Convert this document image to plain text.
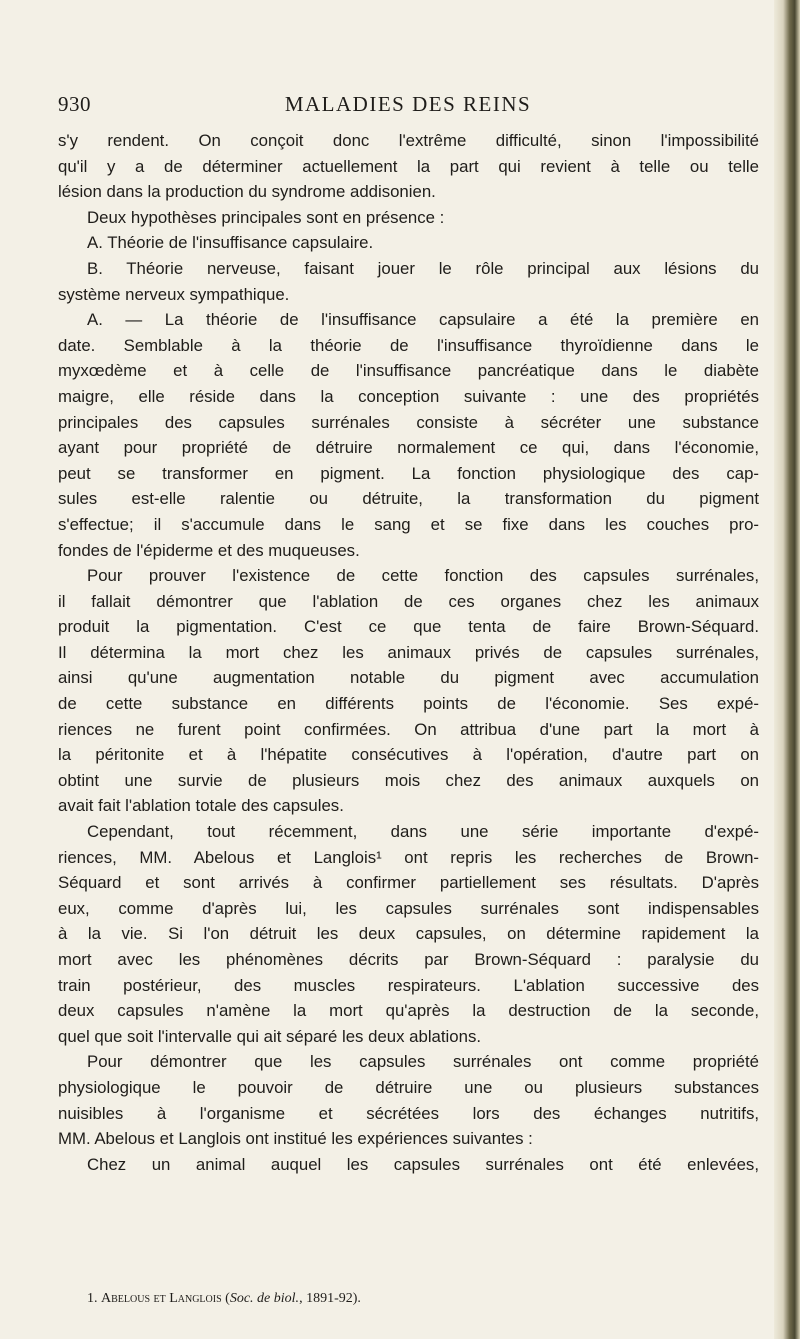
930	MALADIES DES REINS
s'y rendent. On conçoit donc l'extrême difficulté, sinon l'impossibilité
qu'il y a de déterminer actuellement la part qui revient à telle ou telle
lésion dans la production du syndrome addisonien.
Deux hypothèses principales sont en présence :
A. Théorie de l'insuffisance capsulaire.
B. Théorie nerveuse, faisant jouer le rôle principal aux lésions du
système nerveux sympathique.
A. — La théorie de l'insuffisance capsulaire a été la première en
date. Semblable à la théorie de l'insuffisance thyroïdienne dans le
myxœdème et à celle de l'insuffisance pancréatique dans le diabète
maigre, elle réside dans la conception suivante : une des propriétés
principales des capsules surrénales consiste à sécréter une substance
ayant pour propriété de détruire normalement ce qui, dans l'économie,
peut se transformer en pigment. La fonction physiologique des cap-
sules est-elle ralentie ou détruite, la transformation du pigment
s'effectue; il s'accumule dans le sang et se fixe dans les couches pro-
fondes de l'épiderme et des muqueuses.
Pour prouver l'existence de cette fonction des capsules surrénales,
il fallait démontrer que l'ablation de ces organes chez les animaux
produit la pigmentation. C'est ce que tenta de faire Brown-Séquard.
Il détermina la mort chez les animaux privés de capsules surrénales,
ainsi qu'une augmentation notable du pigment avec accumulation
de cette substance en différents points de l'économie. Ses expé-
riences ne furent point confirmées. On attribua d'une part la mort à
la péritonite et à l'hépatite consécutives à l'opération, d'autre part on
obtint une survie de plusieurs mois chez des animaux auxquels on
avait fait l'ablation totale des capsules.
Cependant, tout récemment, dans une série importante d'expé-
riences, MM. Abelous et Langlois¹ ont repris les recherches de Brown-
Séquard et sont arrivés à confirmer partiellement ses résultats. D'après
eux, comme d'après lui, les capsules surrénales sont indispensables
à la vie. Si l'on détruit les deux capsules, on détermine rapidement la
mort avec les phénomènes décrits par Brown-Séquard : paralysie du
train postérieur, des muscles respirateurs. L'ablation successive des
deux capsules n'amène la mort qu'après la destruction de la seconde,
quel que soit l'intervalle qui ait séparé les deux ablations.
Pour démontrer que les capsules surrénales ont comme propriété
physiologique le pouvoir de détruire une ou plusieurs substances
nuisibles à l'organisme et sécrétées lors des échanges nutritifs,
MM. Abelous et Langlois ont institué les expériences suivantes :
Chez un animal auquel les capsules surrénales ont été enlevées,
1. Abelous et Langlois (Soc. de biol., 1891-92).
